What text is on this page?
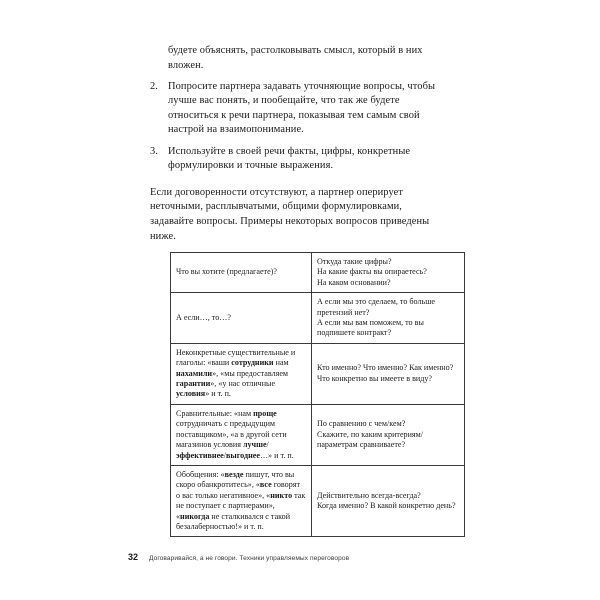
будете объяснять, растолковывать смысл, который в них вложен.
2. Попросите партнера задавать уточняющие вопросы, чтобы лучше вас понять, и пообещайте, что так же будете относиться к речи партнера, показывая тем самым свой настрой на взаимопонимание.
3. Используйте в своей речи факты, цифры, конкретные формулировки и точные выражения.
Если договоренности отсутствуют, а партнер оперирует неточными, расплывчатыми, общими формулировками, задавайте вопросы. Примеры некоторых вопросов приведены ниже.
Что вы хотите (предлагаете)?	Откуда такие цифры?
На какие факты вы опираетесь?
На каком основании?
А если…, то…?	А если мы это сделаем, то больше претензий нет?
А если мы вам поможем, то вы подпишете контракт?
Неконкретные существительные и глаголы: «ваши сотрудники нам нахамили», «мы предоставляем гарантии», «у нас отличные условия» и т. п.	Кто именно? Что именно? Как именно? Что конкретно вы имеете в виду?
Сравнительные: «нам проще сотрудничать с предыдущим поставщиком», «а в другой сети магазинов условия лучше/эффективнее/выгоднее…» и т. п.	По сравнению с чем/кем?
Скажите, по каким критериям/параметрам сравниваете?
Обобщения: «везде пишут, что вы скоро обанкротитесь», «все говорят о вас только негативное», «никто так не поступает с партнерами», «никогда не сталкивался с такой безалаберностью!» и т. п.	Действительно всегда-всегда?
Когда именно? В какой конкретно день?
32 Договаривайся, а не говори. Техники управляемых переговоров
